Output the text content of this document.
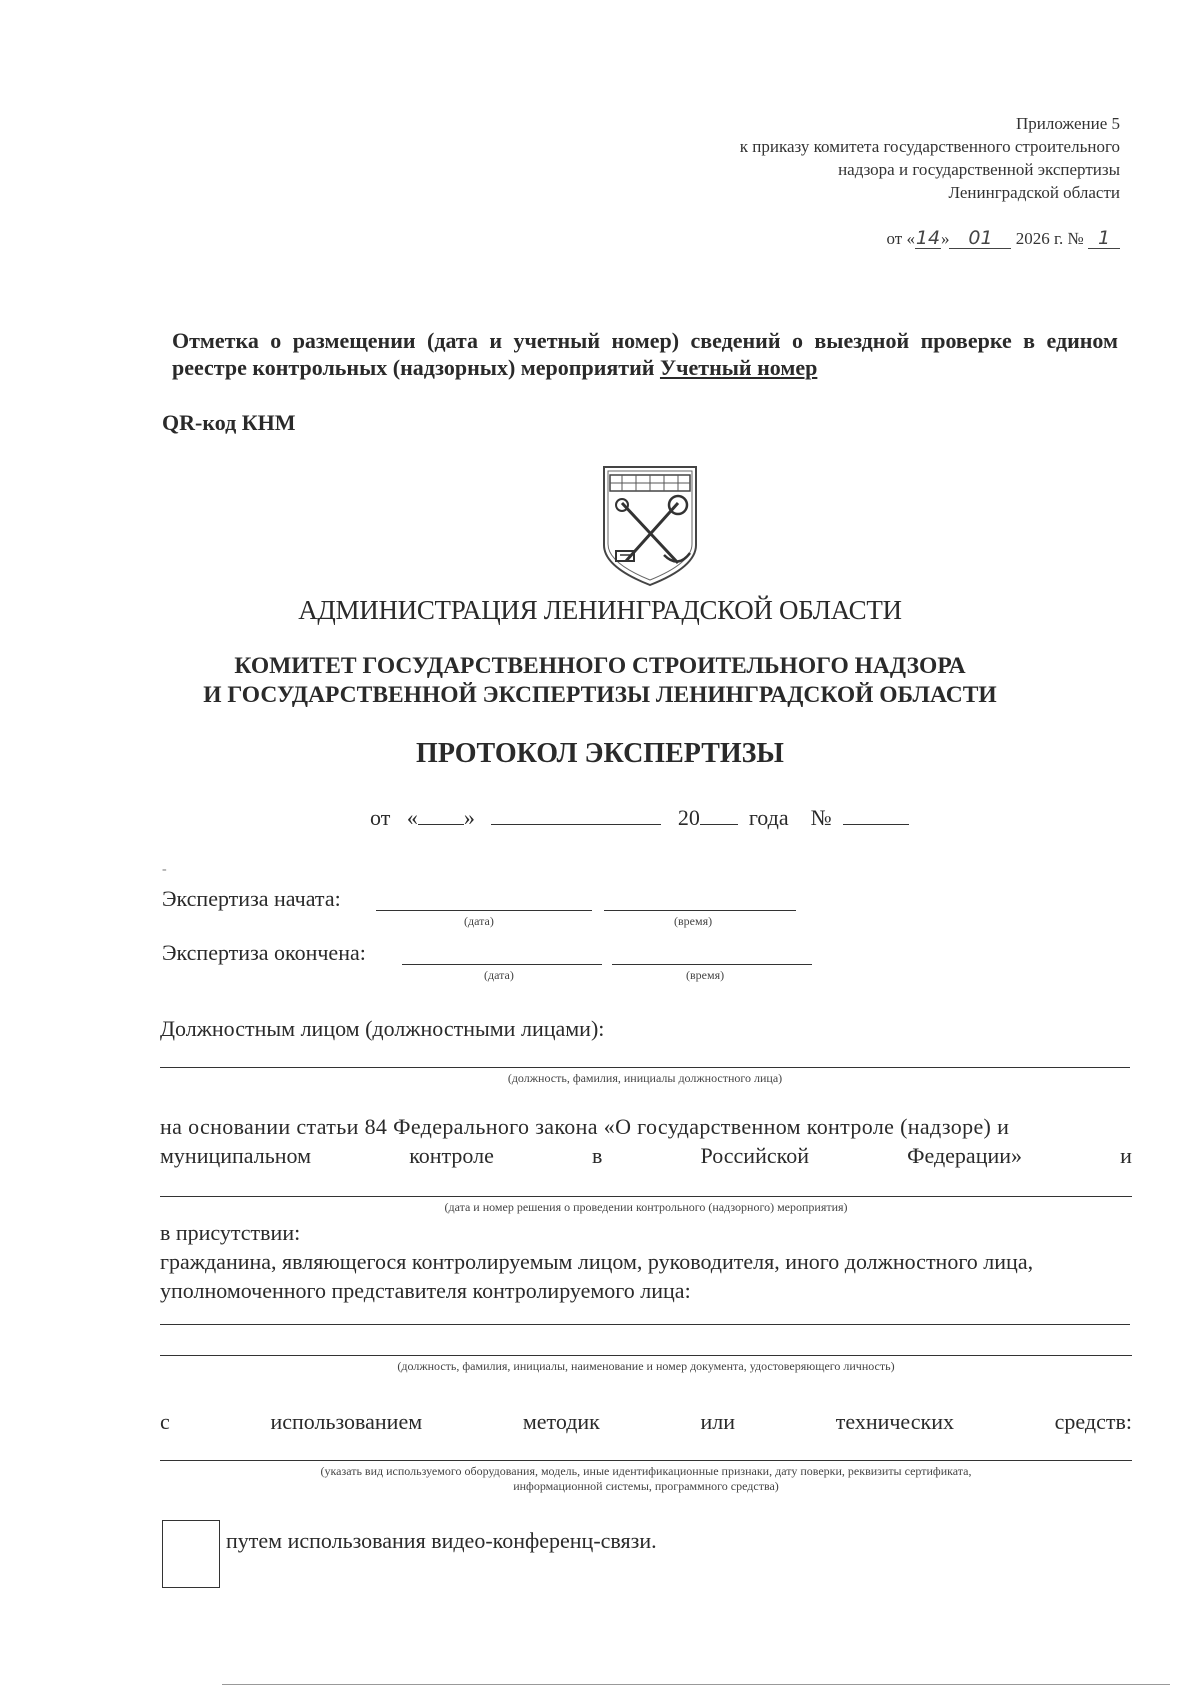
Приложение 5
к приказу комитета государственного строительного
надзора и государственной экспертизы
Ленинградской области
от «14» 01 2026 г. № 1
Отметка о размещении (дата и учетный номер) сведений о выездной проверке в едином реестре контрольных (надзорных) мероприятий Учетный номер
QR-код КНМ
АДМИНИСТРАЦИЯ ЛЕНИНГРАДСКОЙ ОБЛАСТИ
КОМИТЕТ ГОСУДАРСТВЕННОГО СТРОИТЕЛЬНОГО НАДЗОРА
И ГОСУДАРСТВЕННОЙ ЭКСПЕРТИЗЫ ЛЕНИНГРАДСКОЙ ОБЛАСТИ
ПРОТОКОЛ ЭКСПЕРТИЗЫ
от « »	20 года №
-
Экспертиза начата:
(дата)	(время)
Экспертиза окончена:
(дата)	(время)
Должностным лицом (должностными лицами):
(должность, фамилия, инициалы должностного лица)
на основании статьи 84 Федерального закона «О государственном контроле (надзоре) и
муниципальном	контроле	в	Российской	Федерации»	и
(дата и номер решения о проведении контрольного (надзорного) мероприятия)
в присутствии:
гражданина, являющегося контролируемым лицом, руководителя, иного должностного лица, уполномоченного представителя контролируемого лица:
(должность, фамилия, инициалы, наименование и номер документа, удостоверяющего личность)
с	использованием	методик	или	технических	средств:
(указать вид используемого оборудования, модель, иные идентификационные признаки, дату поверки, реквизиты сертификата,
информационной системы, программного средства)
путем использования видео-конференц-связи.
